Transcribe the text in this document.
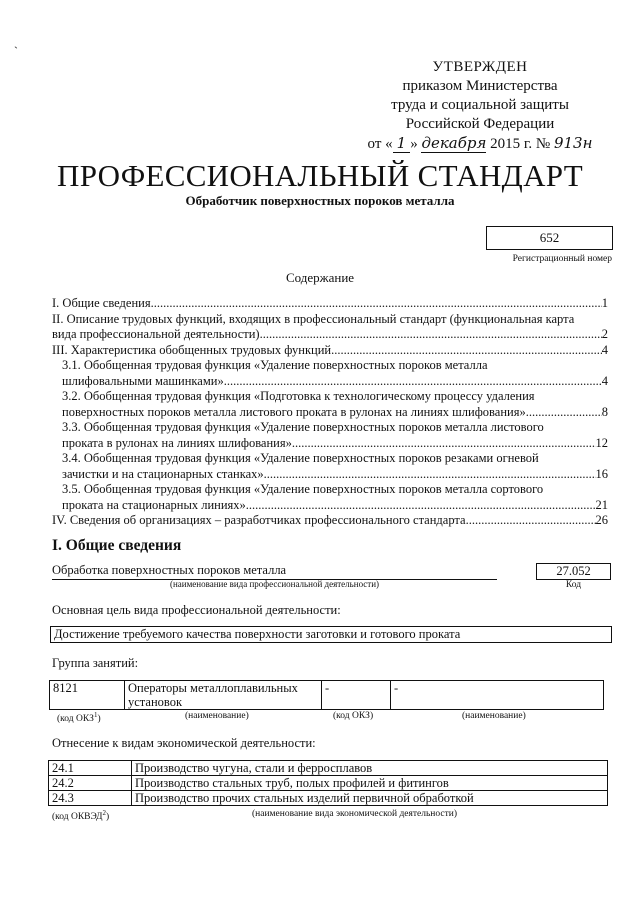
`
УТВЕРЖДЕН
приказом Министерства
труда и социальной защиты
Российской Федерации
от « 1 » декабря 2015 г. № 913н
ПРОФЕССИОНАЛЬНЫЙ СТАНДАРТ
Обработчик поверхностных пороков металла
652
Регистрационный номер
Содержание
I. Общие сведения .....	1
II. Описание трудовых функций, входящих в профессиональный стандарт (функциональная карта
вида профессиональной деятельности) .....	2
III. Характеристика обобщенных трудовых функций .....	4
3.1. Обобщенная трудовая функция «Удаление поверхностных пороков металла
шлифовальными машинками» .....	4
3.2. Обобщенная трудовая функция «Подготовка к технологическому процессу удаления
поверхностных пороков металла листового проката в рулонах на линиях шлифования» .....	8
3.3. Обобщенная трудовая функция «Удаление поверхностных пороков металла листового
проката в рулонах на линиях шлифования» .....	12
3.4. Обобщенная трудовая функция «Удаление поверхностных пороков резаками огневой
зачистки и на стационарных станках» .....	16
3.5. Обобщенная трудовая функция «Удаление поверхностных пороков металла сортового
проката на стационарных линиях» .....	21
IV. Сведения об организациях – разработчиках профессионального стандарта .....	26
I. Общие сведения
Обработка поверхностных пороков металла
(наименование вида профессиональной деятельности)
27.052
Код
Основная цель вида профессиональной деятельности:
Достижение требуемого качества поверхности заготовки и готового проката
Группа занятий:
8121	Операторы металлоплавильных установок	-	-
(код ОКЗ$^1$)	(наименование)	(код ОКЗ)	(наименование)
Отнесение к видам экономической деятельности:
24.1	Производство чугуна, стали и ферросплавов
24.2	Производство стальных труб, полых профилей и фитингов
24.3	Производство прочих стальных изделий первичной обработкой
(код ОКВЭД$^2$)	(наименование вида экономической деятельности)
